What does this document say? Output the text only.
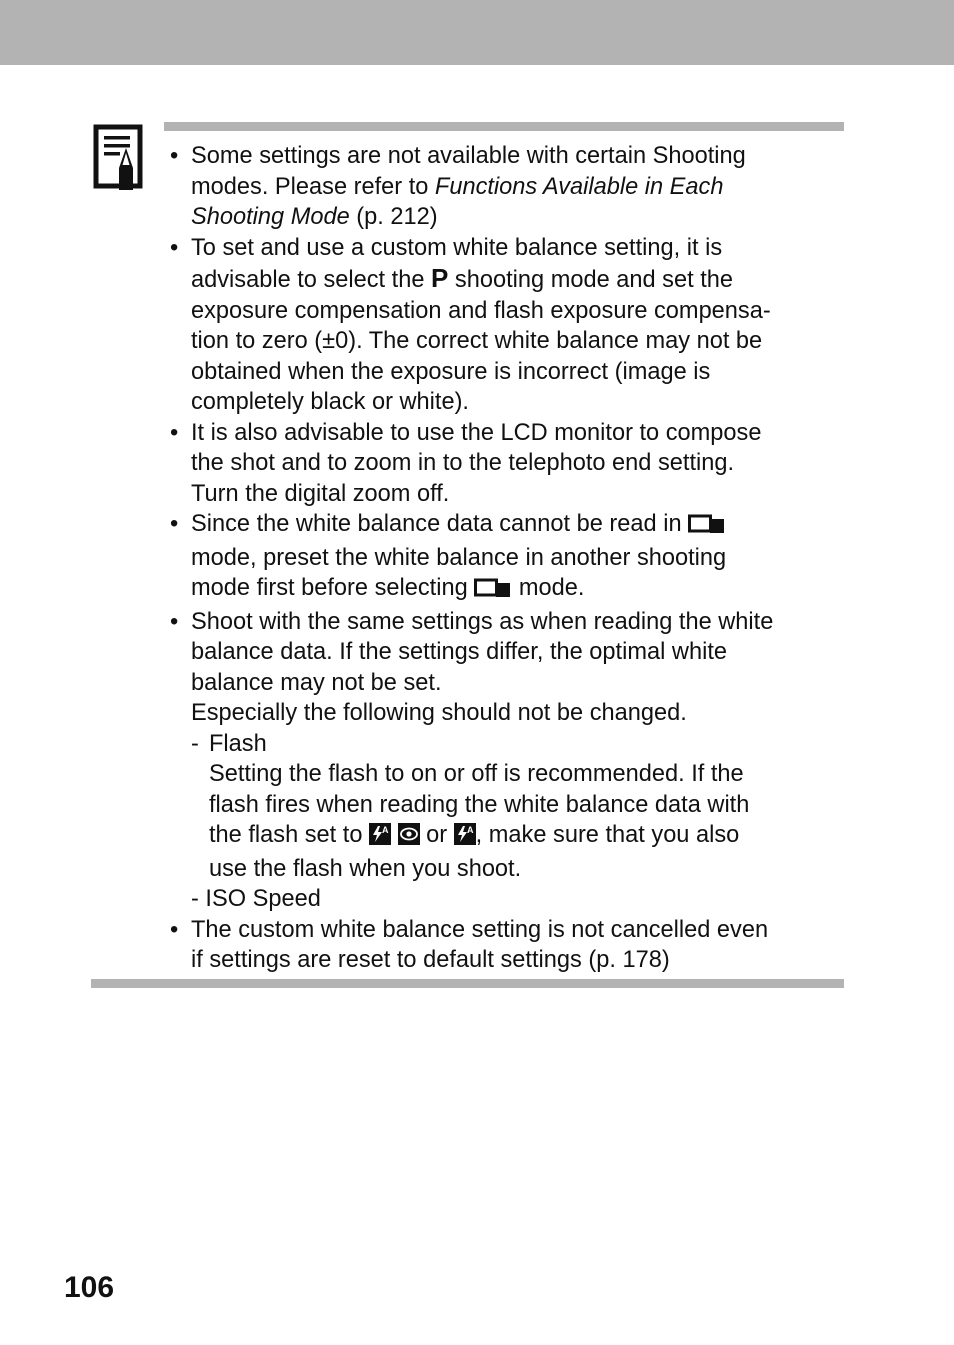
• Some settings are not available with certain Shooting
modes. Please refer to Functions Available in Each
Shooting Mode (p. 212)
• To set and use a custom white balance setting, it is
advisable to select the P shooting mode and set the
exposure compensation and flash exposure compensa-
tion to zero (±0). The correct white balance may not be
obtained when the exposure is incorrect (image is
completely black or white).
• It is also advisable to use the LCD monitor to compose
the shot and to zoom in to the telephoto end setting.
Turn the digital zoom off.
• Since the white balance data cannot be read in
mode, preset the white balance in another shooting
mode first before selecting  mode.
• Shoot with the same settings as when reading the white
balance data. If the settings differ, the optimal white
balance may not be set.
Especially the following should not be changed.
- Flash
Setting the flash to on or off is recommended. If the
flash fires when reading the white balance data with
the flash set to A or A , make sure that you also
use the flash when you shoot.
- ISO Speed
• The custom white balance setting is not cancelled even
if settings are reset to default settings (p. 178)
106
